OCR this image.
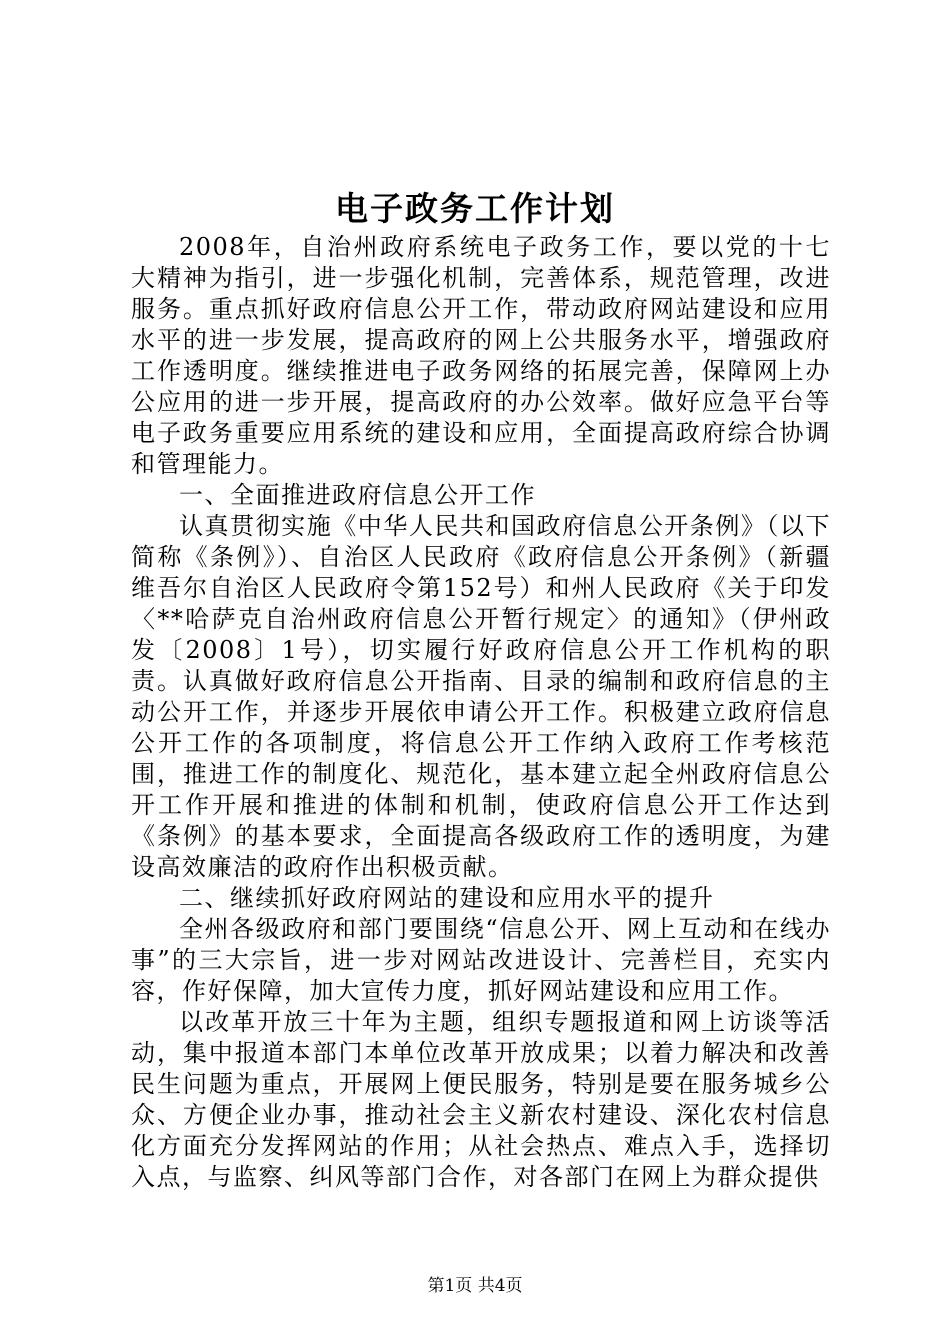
电子政务工作计划

2008年，自治州政府系统电子政务工作，要以党的十七大精神为指引，进一步强化机制，完善体系，规范管理，改进服务。重点抓好政府信息公开工作，带动政府网站建设和应用水平的进一步发展，提高政府的网上公共服务水平，增强政府工作透明度。继续推进电子政务网络的拓展完善，保障网上办公应用的进一步开展，提高政府的办公效率。做好应急平台等电子政务重要应用系统的建设和应用，全面提高政府综合协调和管理能力。

一、全面推进政府信息公开工作

认真贯彻实施《中华人民共和国政府信息公开条例》（以下简称《条例》）、自治区人民政府《政府信息公开条例》（新疆维吾尔自治区人民政府令第152号）和州人民政府《关于印发〈**哈萨克自治州政府信息公开暂行规定〉的通知》（伊州政发〔2008〕1号），切实履行好政府信息公开工作机构的职责。认真做好政府信息公开指南、目录的编制和政府信息的主动公开工作，并逐步开展依申请公开工作。积极建立政府信息公开工作的各项制度，将信息公开工作纳入政府工作考核范围，推进工作的制度化、规范化，基本建立起全州政府信息公开工作开展和推进的体制和机制，使政府信息公开工作达到《条例》的基本要求，全面提高各级政府工作的透明度，为建设高效廉洁的政府作出积极贡献。

二、继续抓好政府网站的建设和应用水平的提升

全州各级政府和部门要围绕“信息公开、网上互动和在线办事”的三大宗旨，进一步对网站改进设计、完善栏目，充实内容，作好保障，加大宣传力度，抓好网站建设和应用工作。

以改革开放三十年为主题，组织专题报道和网上访谈等活动，集中报道本部门本单位改革开放成果；以着力解决和改善民生问题为重点，开展网上便民服务，特别是要在服务城乡公众、方便企业办事，推动社会主义新农村建设、深化农村信息化方面充分发挥网站的作用；从社会热点、难点入手，选择切入点，与监察、纠风等部门合作，对各部门在网上为群众提供

第1页 共4页
